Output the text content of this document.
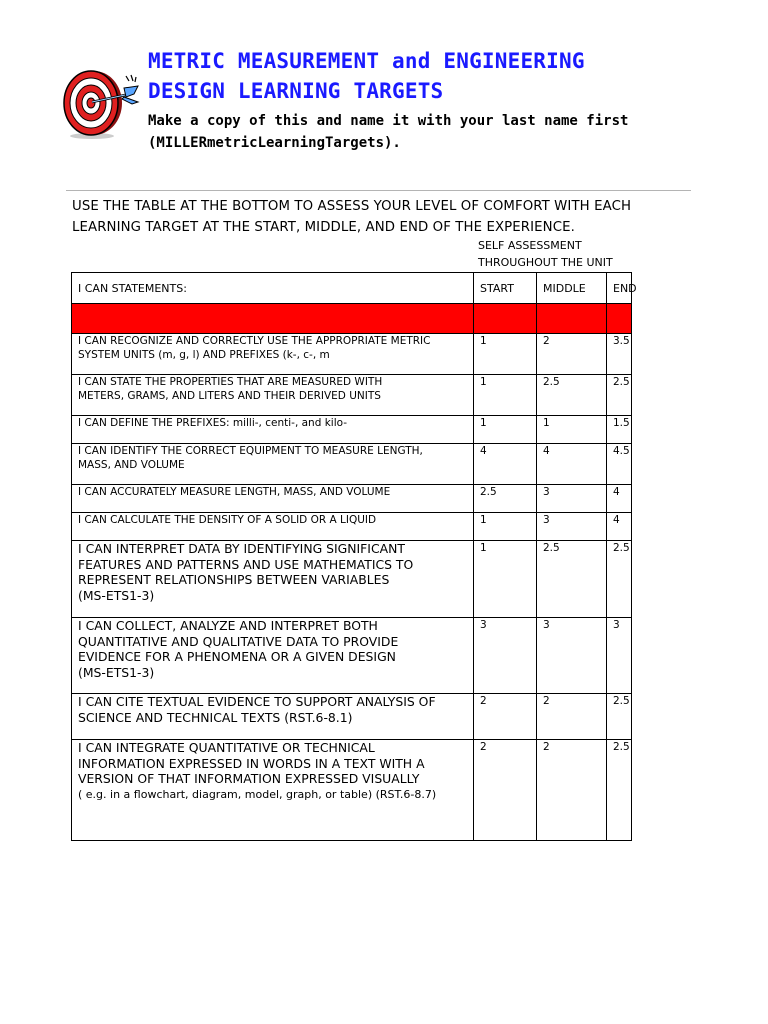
METRIC MEASUREMENT and ENGINEERING
DESIGN LEARNING TARGETS
Make a copy of this and name it with your last name first
(MILLERmetricLearningTargets).
USE THE TABLE AT THE BOTTOM TO ASSESS YOUR LEVEL OF COMFORT WITH EACH
LEARNING TARGET AT THE START, MIDDLE, AND END OF THE EXPERIENCE.
SELF ASSESSMENT
THROUGHOUT THE UNIT
I CAN STATEMENTS:	START	MIDDLE	END

I CAN RECOGNIZE AND CORRECTLY USE THE APPROPRIATE METRIC
SYSTEM UNITS (m, g, l) AND PREFIXES (k-, c-, m	1	2	3.5

I CAN STATE THE PROPERTIES THAT ARE MEASURED WITH
METERS, GRAMS, AND LITERS AND THEIR DERIVED UNITS	1	2.5	2.5

I CAN DEFINE THE PREFIXES: milli-, centi-, and kilo-	1	1	1.5

I CAN IDENTIFY THE CORRECT EQUIPMENT TO MEASURE LENGTH,
MASS, AND VOLUME	4	4	4.5

I CAN ACCURATELY MEASURE LENGTH, MASS, AND VOLUME	2.5	3	4

I CAN CALCULATE THE DENSITY OF A SOLID OR A LIQUID	1	3	4

I CAN INTERPRET DATA BY IDENTIFYING SIGNIFICANT
FEATURES AND PATTERNS AND USE MATHEMATICS TO
REPRESENT RELATIONSHIPS BETWEEN VARIABLES
(MS-ETS1-3)	1	2.5	2.5

I CAN COLLECT, ANALYZE AND INTERPRET BOTH
QUANTITATIVE AND QUALITATIVE DATA TO PROVIDE
EVIDENCE FOR A PHENOMENA OR A GIVEN DESIGN
(MS-ETS1-3)	3	3	3

I CAN CITE TEXTUAL EVIDENCE TO SUPPORT ANALYSIS OF
SCIENCE AND TECHNICAL TEXTS (RST.6-8.1)	2	2	2.5

I CAN INTEGRATE QUANTITATIVE OR TECHNICAL
INFORMATION EXPRESSED IN WORDS IN A TEXT WITH A
VERSION OF THAT INFORMATION EXPRESSED VISUALLY
( e.g. in a flowchart, diagram, model, graph, or table) (RST.6-8.7)	2	2	2.5
